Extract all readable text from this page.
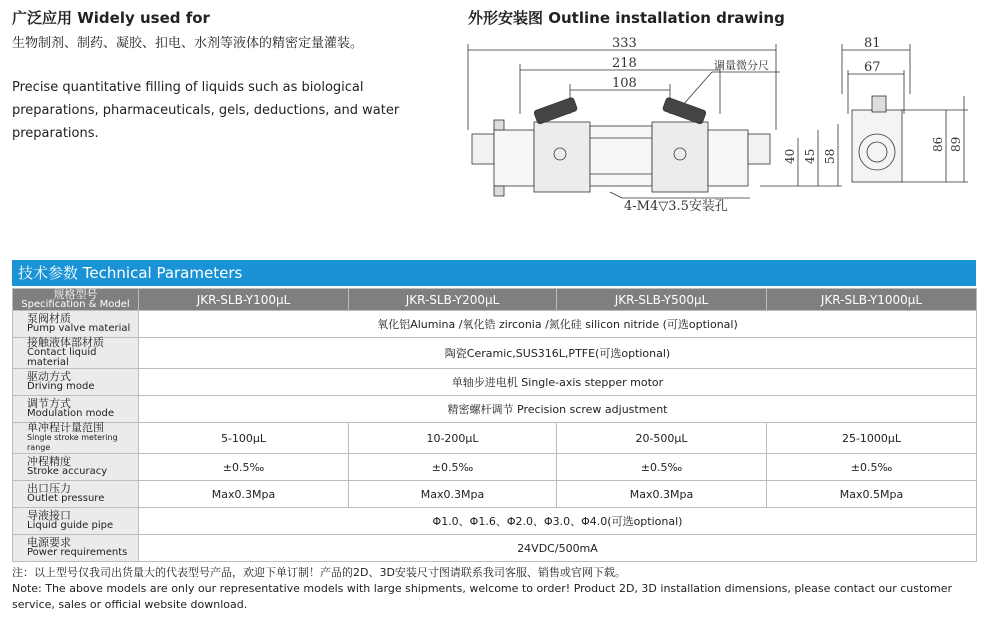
广泛应用 Widely used for

生物制剂、制药、凝胶、扣电、水剂等液体的精密定量灌装。

Precise quantitative filling of liquids such as biological preparations, pharmaceuticals, gels, deductions, and water preparations.

外形安装图 Outline installation drawing
333
218
108
81
67
调量微分尺
4-M4▽3.5安装孔
40 45 58
86 89
技术参数 Technical Parameters
规格型号
Specification & Model	JKR-SLB-Y100μL	JKR-SLB-Y200μL	JKR-SLB-Y500μL	JKR-SLB-Y1000μL

泵阀材质
Pump valve material	氧化铝Alumina /氧化锆 zirconia /氮化硅 silicon nitride (可选optional)			

接触液体部材质
Contact liquid material	陶瓷Ceramic,SUS316L,PTFE(可选optional)			

驱动方式
Driving mode	单轴步进电机 Single-axis stepper motor			

调节方式
Modulation mode	精密螺杆调节 Precision screw adjustment			

单冲程计量范围
Single stroke metering range	5-100μL	10-200μL	20-500μL	25-1000μL

冲程精度
Stroke accuracy	±0.5‰	±0.5‰	±0.5‰	±0.5‰

出口压力
Outlet pressure	Max0.3Mpa	Max0.3Mpa	Max0.3Mpa	Max0.5Mpa

导液接口
Liquid guide pipe	Φ1.0、Φ1.6、Φ2.0、Φ3.0、Φ4.0(可选optional)			

电源要求
Power requirements	24VDC/500mA			

注：以上型号仅我司出货量大的代表型号产品，欢迎下单订制！产品的2D、3D安装尺寸图请联系我司客服、销售或官网下载。

Note: The above models are only our representative models with large shipments, welcome to order! Product 2D, 3D installation dimensions, please contact our customer service, sales or official website download.
